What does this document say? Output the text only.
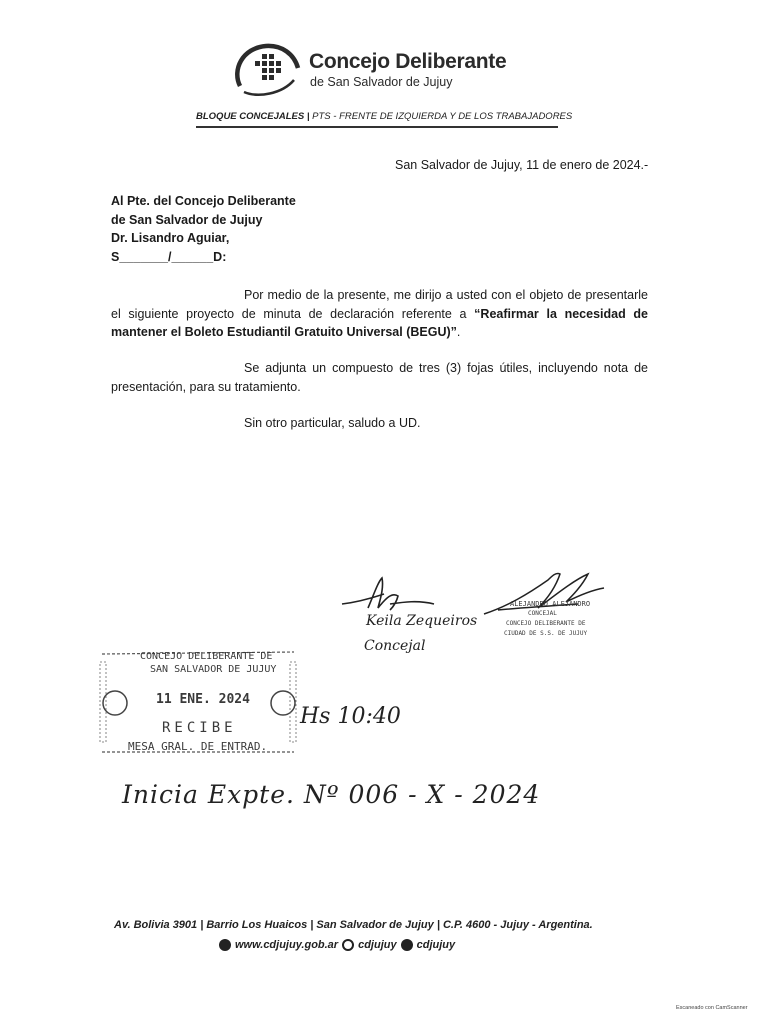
Concejo Deliberante
de San Salvador de Jujuy
BLOQUE CONCEJALES | PTS - FRENTE DE IZQUIERDA Y DE LOS TRABAJADORES
San Salvador de Jujuy, 11 de enero de 2024.-
Al Pte. del Concejo Deliberante
de San Salvador de Jujuy
Dr. Lisandro Aguiar,
S_______/______D:
Por medio de la presente, me dirijo a usted con el objeto de presentarle el siguiente proyecto de minuta de declaración referente a “Reafirmar la necesidad de mantener el Boleto Estudiantil Gratuito Universal (BEGU)”.
Se adjunta un compuesto de tres (3) fojas útiles, incluyendo nota de presentación, para su tratamiento.
Sin otro particular, saludo a UD.
Keila Zequeiros
Concejal
ALEJANDRO ALEJANDRO
CONCEJAL
CONCEJO DELIBERANTE DE
CIUDAD DE S.S. DE JUJUY
CONCEJO DELIBERANTE DE
SAN SALVADOR DE JUJUY
11 ENE. 2024
RECIBE
MESA GRAL. DE ENTRAD.
Hs 10:40
Inicia Expte. Nº 006 - X - 2024
Av. Bolivia 3901 | Barrio Los Huaicos | San Salvador de Jujuy | C.P. 4600 - Jujuy - Argentina.
www.cdjujuy.gob.ar cdjujuy cdjujuy
Escaneado con CamScanner
